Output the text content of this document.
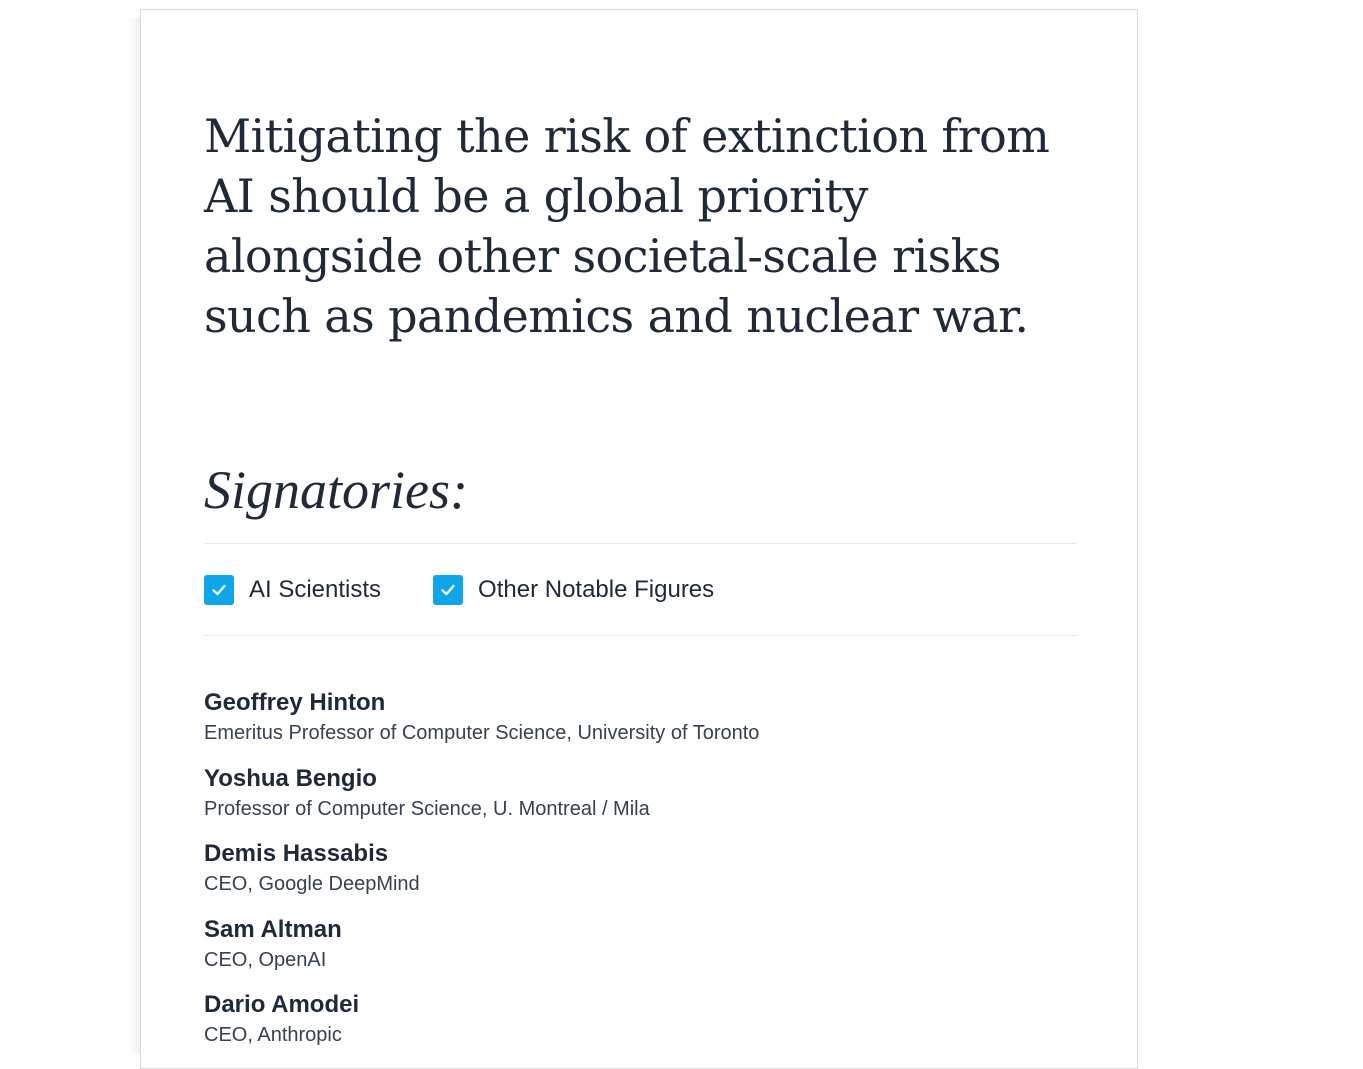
Mitigating the risk of extinction from AI should be a global priority alongside other societal-scale risks such as pandemics and nuclear war.
Signatories:
AI Scientists	Other Notable Figures
Geoffrey Hinton
Emeritus Professor of Computer Science, University of Toronto
Yoshua Bengio
Professor of Computer Science, U. Montreal / Mila
Demis Hassabis
CEO, Google DeepMind
Sam Altman
CEO, OpenAI
Dario Amodei
CEO, Anthropic
